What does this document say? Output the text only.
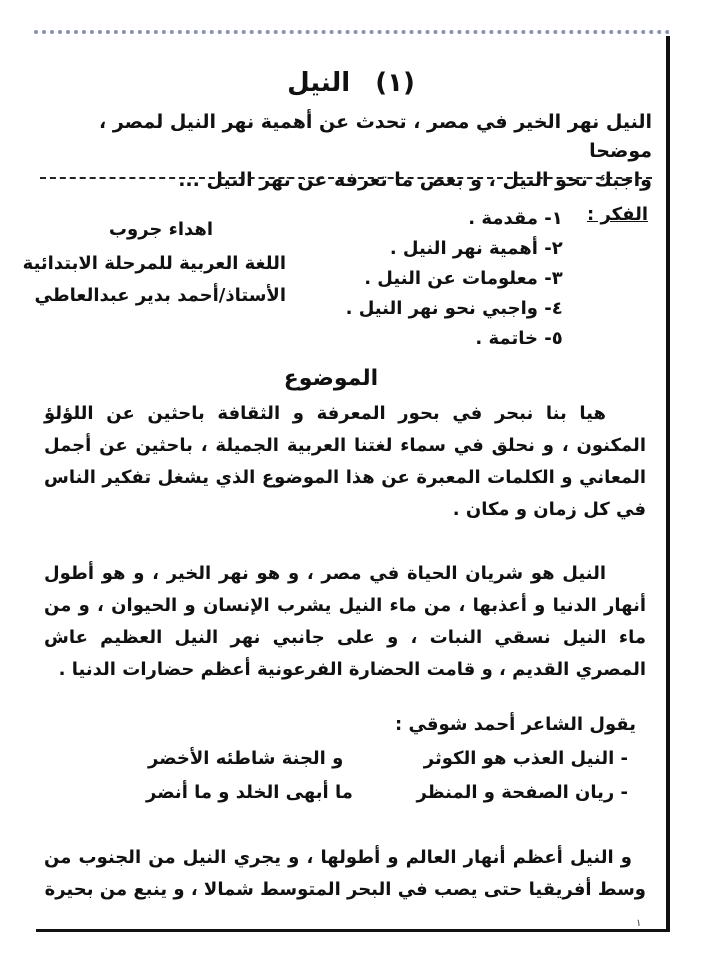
(١) النيل
النيل نهر الخير في مصر ، تحدث عن أهمية نهر النيل لمصر ، موضحا
واجبك نحو النيل ، و بعض ما تعرفه عن نهر النيل ...
الفكر :
١- مقدمة .
٢- أهمية نهر النيل .
٣- معلومات عن النيل .
٤- واجبي نحو نهر النيل .
٥- خاتمة .
اهداء جروب
اللغة العربية للمرحلة الابتدائية
الأستاذ/أحمد بدير عبدالعاطي
الموضوع
هيا بنا نبحر في بحور المعرفة و الثقافة باحثين عن اللؤلؤ المكنون ، و نحلق في سماء لغتنا العربية الجميلة ، باحثين عن أجمل المعاني و الكلمات المعبرة عن هذا الموضوع الذي يشغل تفكير الناس في كل زمان و مكان .
النيل هو شريان الحياة في مصر ، و هو نهر الخير ، و هو أطول أنهار الدنيا و أعذبها ، من ماء النيل يشرب الإنسان و الحيوان ، و من ماء النيل نسقي النبات ، و على جانبي نهر النيل العظيم عاش المصري القديم ، و قامت الحضارة الفرعونية أعظم حضارات الدنيا .
يقول الشاعر أحمد شوقي :
- النيل العذب هو الكوثر
و الجنة شاطئه الأخضر
- ريان الصفحة و المنظر
ما أبهى الخلد و ما أنضر
و النيل أعظم أنهار العالم و أطولها ، و يجري النيل من الجنوب من وسط أفريقيا حتى يصب في البحر المتوسط شمالا ، و ينبع من بحيرة
١
